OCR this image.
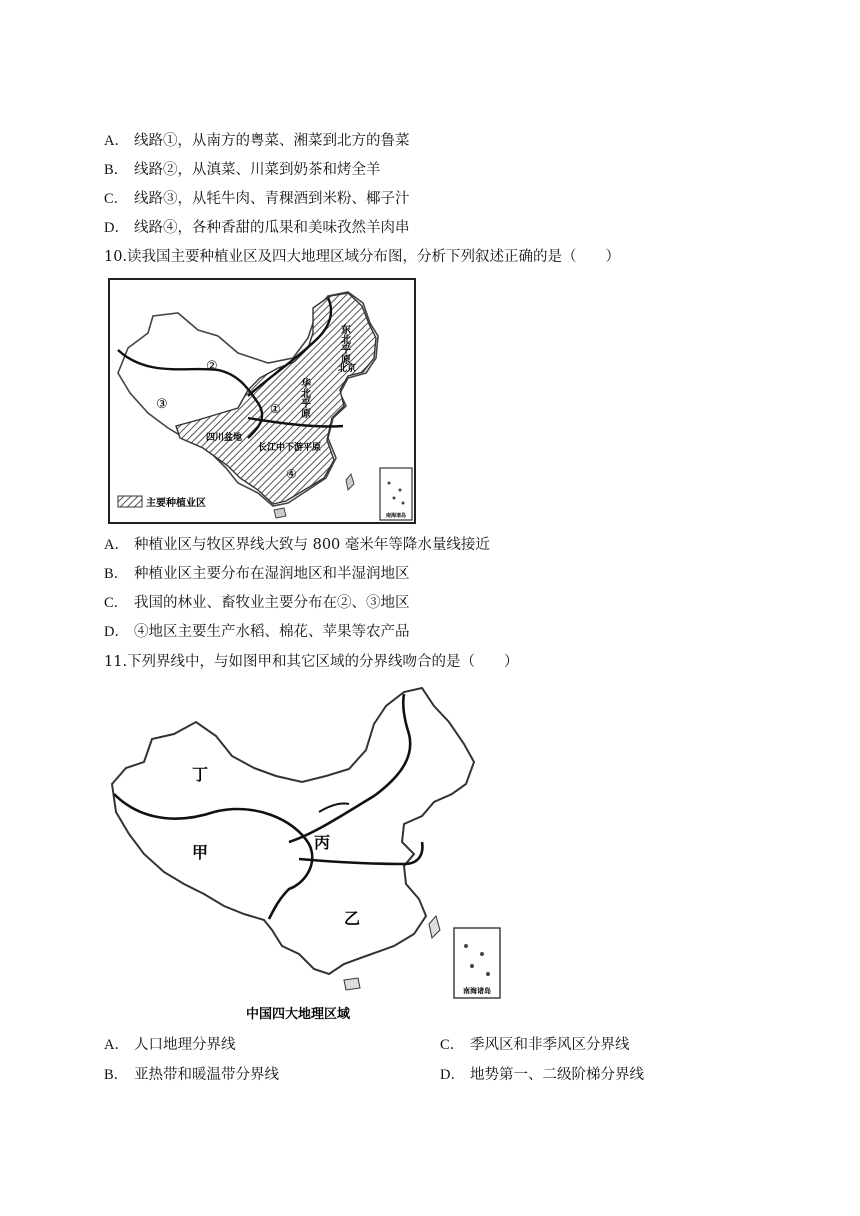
A． 线路①，从南方的粤菜、湘菜到北方的鲁菜
B． 线路②，从滇菜、川菜到奶茶和烤全羊
C． 线路③，从牦牛肉、青稞酒到米粉、椰子汁
D． 线路④，各种香甜的瓜果和美味孜然羊肉串
10.读我国主要种植业区及四大地理区域分布图，分析下列叙述正确的是（　　）
南海诸岛
②
③	①
④
东北平原
华北平原
北京
四川盆地
长江中下游平原
主要种植业区
A． 种植业区与牧区界线大致与 800 毫米年等降水量线接近
B． 种植业区主要分布在湿润地区和半湿润地区
C． 我国的林业、畜牧业主要分布在②、③地区
D． ④地区主要生产水稻、棉花、苹果等农产品
11.下列界线中，与如图甲和其它区域的分界线吻合的是（　　）
南海诸岛
丁
甲
丙
乙
中国四大地理区域
A． 人口地理分界线	C． 季风区和非季风区分界线
B． 亚热带和暖温带分界线	D． 地势第一、二级阶梯分界线
